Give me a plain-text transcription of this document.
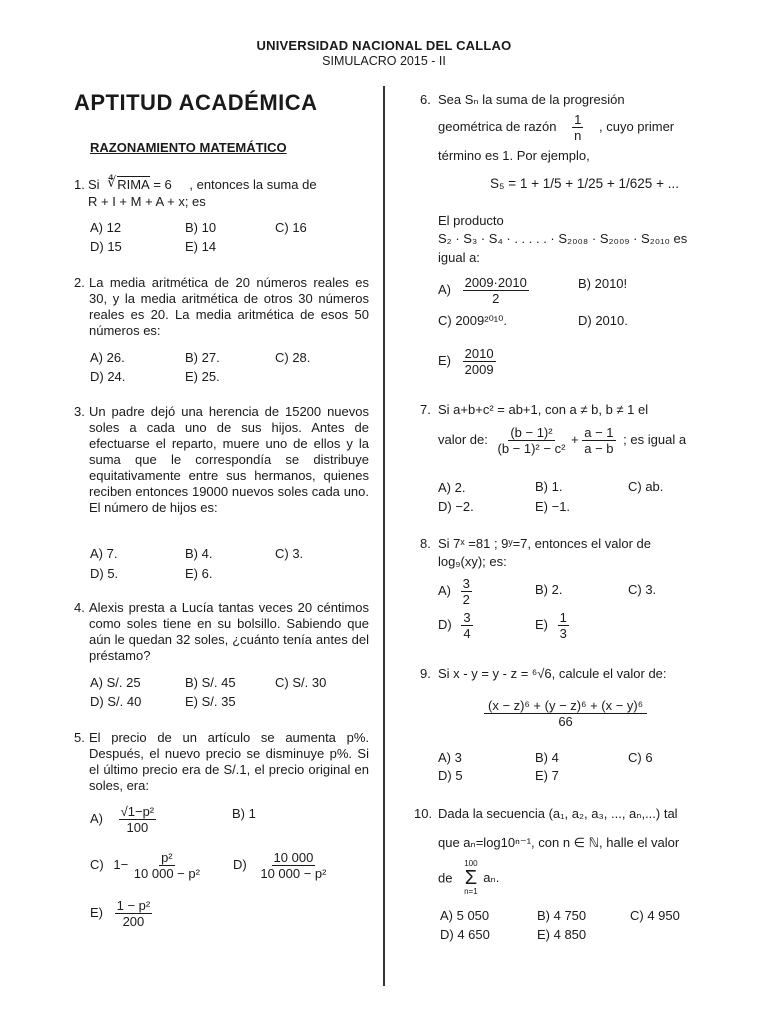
UNIVERSIDAD NACIONAL DEL CALLAO
SIMULACRO 2015 - II
APTITUD ACADÉMICA
RAZONAMIENTO MATEMÁTICO
1. Si ∜ RIMA = 6 , entonces la suma de
R + I + M + A + x; es
A) 12	B) 10	C) 16
D) 15	E) 14
2. La media aritmética de 20 números reales es 30, y la media aritmética de otros 30 números reales es 20. La media aritmética de esos 50 números es:
A) 26.	B) 27.	C) 28.
D) 24.	E) 25.
3. Un padre dejó una herencia de 15200 nuevos soles a cada uno de sus hijos. Antes de efectuarse el reparto, muere uno de ellos y la suma que le correspondía se distribuye equitativamente entre sus hermanos, quienes reciben entonces 19000 nuevos soles cada uno. El número de hijos es:
A) 7.	B) 4.	C) 3.
D) 5.	E) 6.
4. Alexis presta a Lucía tantas veces 20 céntimos como soles tiene en su bolsillo. Sabiendo que aún le quedan 32 soles, ¿cuánto tenía antes del préstamo?
A) S/. 25	B) S/. 45	C) S/. 30
D) S/. 40	E) S/. 35
5. El precio de un artículo se aumenta p%. Después, el nuevo precio se disminuye p%. Si el último precio era de S/.1, el precio original en soles, era:
$A) \frac{\text{√1−p²}}{100}$	B) 1
C) $1- \frac{\text{p²}}{\text{10 000 − p²}} D) \frac{10 000}{\text{10 000 − p²}}$
$E) \frac{\text{1 − p²}}{200}$
6. Sea Sₙ la suma de la progresión
geométrica de razón $\frac{1}{n}$ , cuyo primer
término es 1. Por ejemplo,
S₅ = 1 + 1/5 + 1/25 + 1/625 + ...
El producto
S₂ · S₃ · S₄ · . . . . . · S₂₀₀₈ · S₂₀₀₉ · S₂₀₁₀ es
igual a:
$A) \frac{2009\cdot 2010}{2}$	B) 2010!
C) 2009²⁰¹⁰.	D) 2010.
$E) \frac{2010}{2009}$
7. Si a+b+c² = ab+1, con a ≠ b, b ≠ 1 el
valor de: $\frac{\text{(b − 1)²}}{\text{(b − 1)² − c²}} + \frac{a - 1}{a - b}$ ; es igual a
A) 2.	B) 1.	C) ab.
D) −2.	E) −1.
8. Si 7ˣ =81 ; 9ʸ=7, entonces el valor de
log₉(xy); es:
$A) \frac{3}{2}$	B) 2.	C) 3.
$D) \frac{3}{4}$	$E) \frac{1}{3}$
9. Si x - y = y - z = ⁶√6, calcule el valor de:
$\frac{\text{(x − z)⁶ + (y − z)⁶ + (x − y)⁶}}{66}$
A) 3	B) 4	C) 6
D) 5	E) 7
10. Dada la secuencia (a₁, a₂, a₃, ..., aₙ,...) tal
que aₙ=log10ⁿ⁻¹, con n ∈ ℕ, halle el valor
de
100
Σ
n=1
aₙ.
A) 5 050	B) 4 750	C) 4 950
D) 4 650	E) 4 850
